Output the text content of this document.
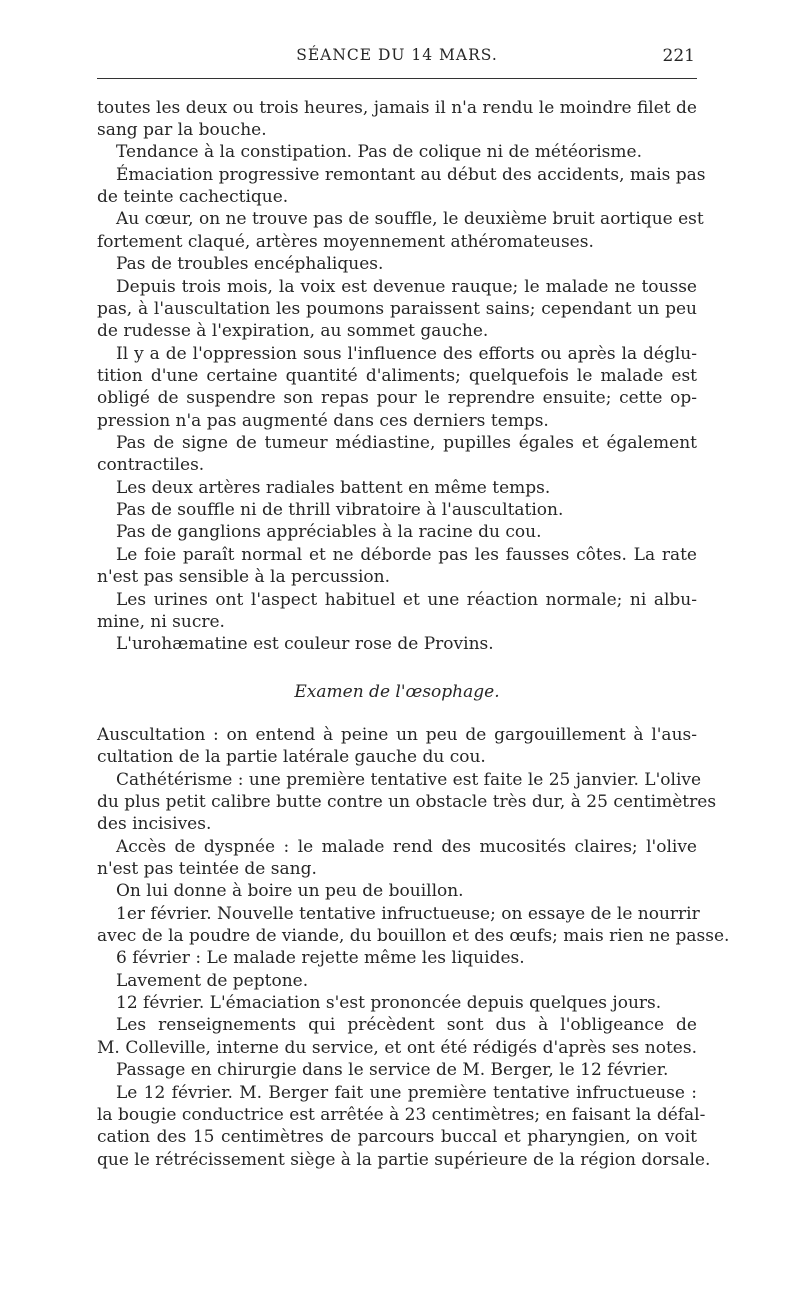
SÉANCE DU 14 MARS.	221
toutes les deux ou trois heures, jamais il n'a rendu le moindre filet de
sang par la bouche.
Tendance à la constipation. Pas de colique ni de météorisme.
Émaciation progressive remontant au début des accidents, mais pas
de teinte cachectique.
Au cœur, on ne trouve pas de souffle, le deuxième bruit aortique est
fortement claqué, artères moyennement athéromateuses.
Pas de troubles encéphaliques.
Depuis trois mois, la voix est devenue rauque; le malade ne tousse
pas, à l'auscultation les poumons paraissent sains; cependant un peu
de rudesse à l'expiration, au sommet gauche.
Il y a de l'oppression sous l'influence des efforts ou après la déglu-
tition d'une certaine quantité d'aliments; quelquefois le malade est
obligé de suspendre son repas pour le reprendre ensuite; cette op-
pression n'a pas augmenté dans ces derniers temps.
Pas de signe de tumeur médiastine, pupilles égales et également
contractiles.
Les deux artères radiales battent en même temps.
Pas de souffle ni de thrill vibratoire à l'auscultation.
Pas de ganglions appréciables à la racine du cou.
Le foie paraît normal et ne déborde pas les fausses côtes. La rate
n'est pas sensible à la percussion.
Les urines ont l'aspect habituel et une réaction normale; ni albu-
mine, ni sucre.
L'urohæmatine est couleur rose de Provins.
Examen de l'œsophage.
Auscultation : on entend à peine un peu de gargouillement à l'aus-
cultation de la partie latérale gauche du cou.
Cathétérisme : une première tentative est faite le 25 janvier. L'olive
du plus petit calibre butte contre un obstacle très dur, à 25 centimètres
des incisives.
Accès de dyspnée : le malade rend des mucosités claires; l'olive
n'est pas teintée de sang.
On lui donne à boire un peu de bouillon.
1er février. Nouvelle tentative infructueuse; on essaye de le nourrir
avec de la poudre de viande, du bouillon et des œufs; mais rien ne passe.
6 février : Le malade rejette même les liquides.
Lavement de peptone.
12 février. L'émaciation s'est prononcée depuis quelques jours.
Les renseignements qui précèdent sont dus à l'obligeance de
M. Colleville, interne du service, et ont été rédigés d'après ses notes.
Passage en chirurgie dans le service de M. Berger, le 12 février.
Le 12 février. M. Berger fait une première tentative infructueuse :
la bougie conductrice est arrêtée à 23 centimètres; en faisant la défal-
cation des 15 centimètres de parcours buccal et pharyngien, on voit
que le rétrécissement siège à la partie supérieure de la région dorsale.
